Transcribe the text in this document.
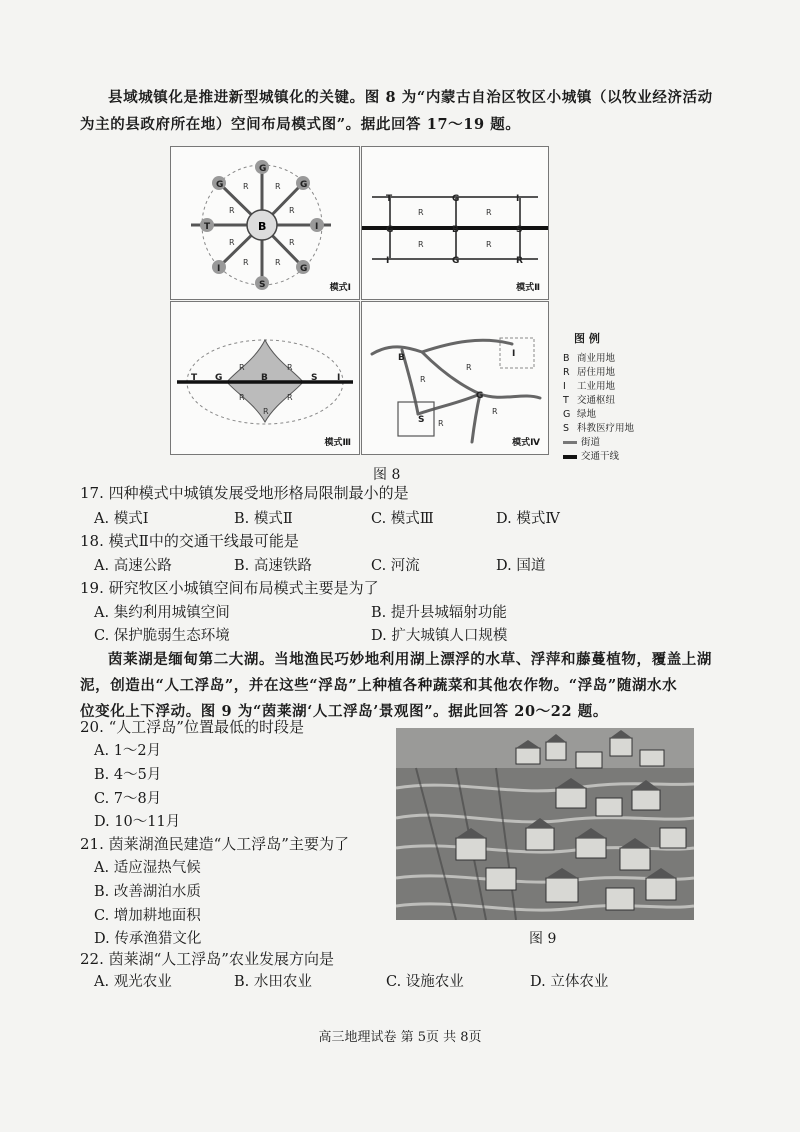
县域城镇化是推进新型城镇化的关键。图 8 为“内蒙古自治区牧区小城镇（以牧业经济活动
为主的县政府所在地）空间布局模式图”。据此回答 17～19 题。
B
G
G	G
T	I
I	G
S
R	R
R	R
R	R
R	R
模式Ⅰ
T	G	I
G	B	S
I	G	R
R	R
R	R
模式Ⅱ
T G	B	S I
R	R
R	R
R
模式Ⅲ
B
S
G
I
R
R
R
R
模式Ⅳ
图 例
B 商业用地
R 居住用地
I 工业用地
T 交通枢纽
G 绿地
S 科教医疗用地
街道
交通干线
图 8
17. 四种模式中城镇发展受地形格局限制最小的是
A. 模式Ⅰ	B. 模式Ⅱ	C. 模式Ⅲ	D. 模式Ⅳ
18. 模式Ⅱ中的交通干线最可能是
A. 高速公路	B. 高速铁路	C. 河流	D. 国道
19. 研究牧区小城镇空间布局模式主要是为了
A. 集约利用城镇空间	B. 提升县城辐射功能
C. 保护脆弱生态环境	D. 扩大城镇人口规模
茵莱湖是缅甸第二大湖。当地渔民巧妙地利用湖上漂浮的水草、浮萍和藤蔓植物，覆盖上湖
泥，创造出“人工浮岛”，并在这些“浮岛”上种植各种蔬菜和其他农作物。“浮岛”随湖水水
位变化上下浮动。图 9 为“茵莱湖‘人工浮岛’景观图”。据此回答 20～22 题。
20. “人工浮岛”位置最低的时段是
A. 1～2月
B. 4～5月
C. 7～8月
D. 10～11月
21. 茵莱湖渔民建造“人工浮岛”主要为了
A. 适应湿热气候
B. 改善湖泊水质
C. 增加耕地面积
D. 传承渔猎文化	图 9
22. 茵莱湖“人工浮岛”农业发展方向是
A. 观光农业	B. 水田农业	C. 设施农业	D. 立体农业
高三地理试卷 第 5页 共 8页
